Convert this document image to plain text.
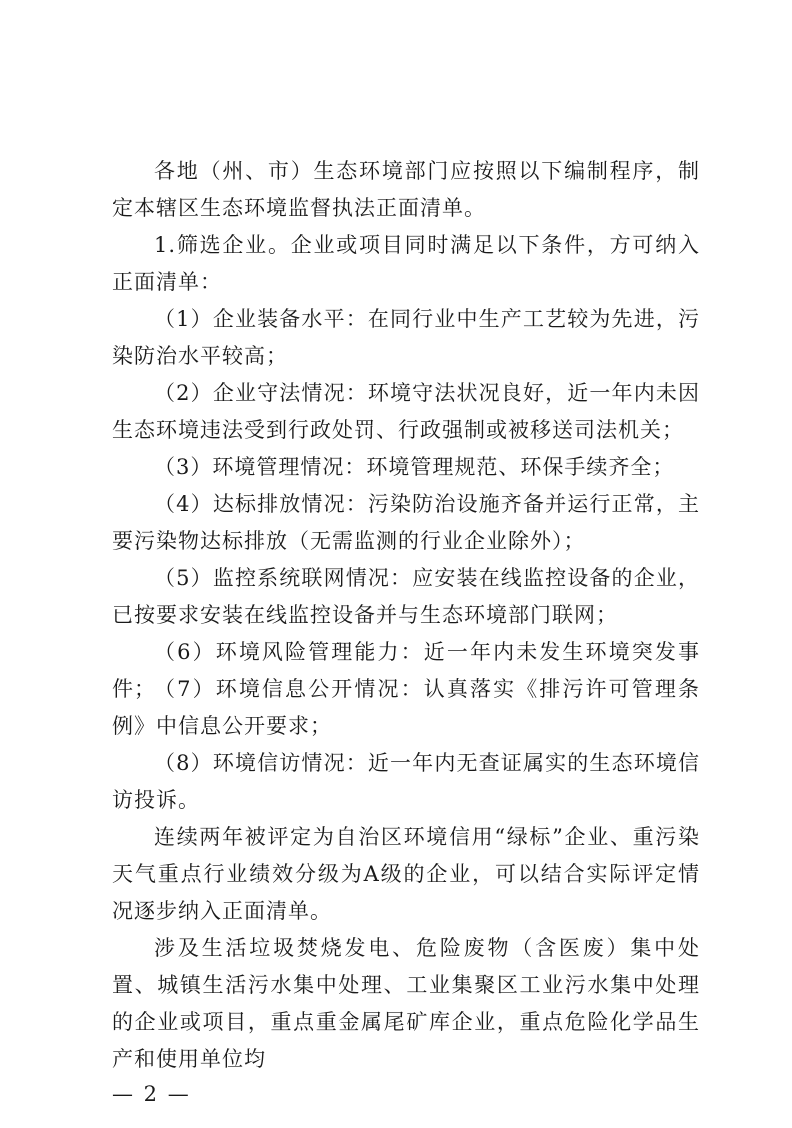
各地（州、市）生态环境部门应按照以下编制程序，制定本辖区生态环境监督执法正面清单。

1.筛选企业。企业或项目同时满足以下条件，方可纳入正面清单：

（1）企业装备水平：在同行业中生产工艺较为先进，污染防治水平较高；

（2）企业守法情况：环境守法状况良好，近一年内未因生态环境违法受到行政处罚、行政强制或被移送司法机关；

（3）环境管理情况：环境管理规范、环保手续齐全；

（4）达标排放情况：污染防治设施齐备并运行正常，主要污染物达标排放（无需监测的行业企业除外）；

（5）监控系统联网情况：应安装在线监控设备的企业，已按要求安装在线监控设备并与生态环境部门联网；

（6）环境风险管理能力：近一年内未发生环境突发事件；

（7）环境信息公开情况：认真落实《排污许可管理条例》中信息公开要求；

（8）环境信访情况：近一年内无查证属实的生态环境信访投诉。

连续两年被评定为自治区环境信用“绿标”企业、重污染天气重点行业绩效分级为A级的企业，可以结合实际评定情况逐步纳入正面清单。

涉及生活垃圾焚烧发电、危险废物（含医废）集中处置、城镇生活污水集中处理、工业集聚区工业污水集中处理的企业或项目，重点重金属尾矿库企业，重点危险化学品生产和使用单位均

— 2 —
